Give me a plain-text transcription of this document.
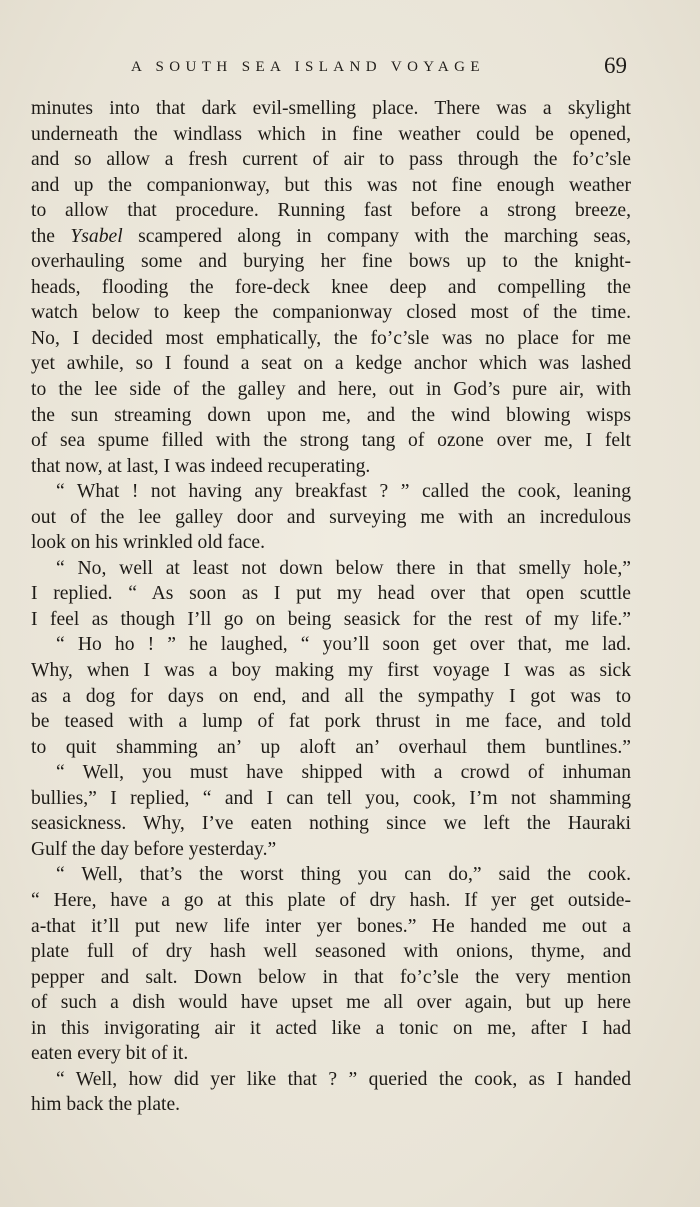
A SOUTH SEA ISLAND VOYAGE	69
minutes into that dark evil-smelling place. There was a skylight
underneath the windlass which in fine weather could be opened,
and so allow a fresh current of air to pass through the fo’c’sle
and up the companionway, but this was not fine enough weather
to allow that procedure. Running fast before a strong breeze,
the Ysabel scampered along in company with the marching seas,
overhauling some and burying her fine bows up to the knight-
heads, flooding the fore-deck knee deep and compelling the
watch below to keep the companionway closed most of the time.
No, I decided most emphatically, the fo’c’sle was no place for me
yet awhile, so I found a seat on a kedge anchor which was lashed
to the lee side of the galley and here, out in God’s pure air, with
the sun streaming down upon me, and the wind blowing wisps
of sea spume filled with the strong tang of ozone over me, I felt
that now, at last, I was indeed recuperating.
“ What ! not having any breakfast ? ” called the cook, leaning
out of the lee galley door and surveying me with an incredulous
look on his wrinkled old face.
“ No, well at least not down below there in that smelly hole,”
I replied. “ As soon as I put my head over that open scuttle
I feel as though I’ll go on being seasick for the rest of my life.”
“ Ho ho ! ” he laughed, “ you’ll soon get over that, me lad.
Why, when I was a boy making my first voyage I was as sick
as a dog for days on end, and all the sympathy I got was to
be teased with a lump of fat pork thrust in me face, and told
to quit shamming an’ up aloft an’ overhaul them buntlines.”
“ Well, you must have shipped with a crowd of inhuman
bullies,” I replied, “ and I can tell you, cook, I’m not shamming
seasickness. Why, I’ve eaten nothing since we left the Hauraki
Gulf the day before yesterday.”
“ Well, that’s the worst thing you can do,” said the cook.
“ Here, have a go at this plate of dry hash. If yer get outside-
a-that it’ll put new life inter yer bones.” He handed me out a
plate full of dry hash well seasoned with onions, thyme, and
pepper and salt. Down below in that fo’c’sle the very mention
of such a dish would have upset me all over again, but up here
in this invigorating air it acted like a tonic on me, after I had
eaten every bit of it.
“ Well, how did yer like that ? ” queried the cook, as I handed
him back the plate.
